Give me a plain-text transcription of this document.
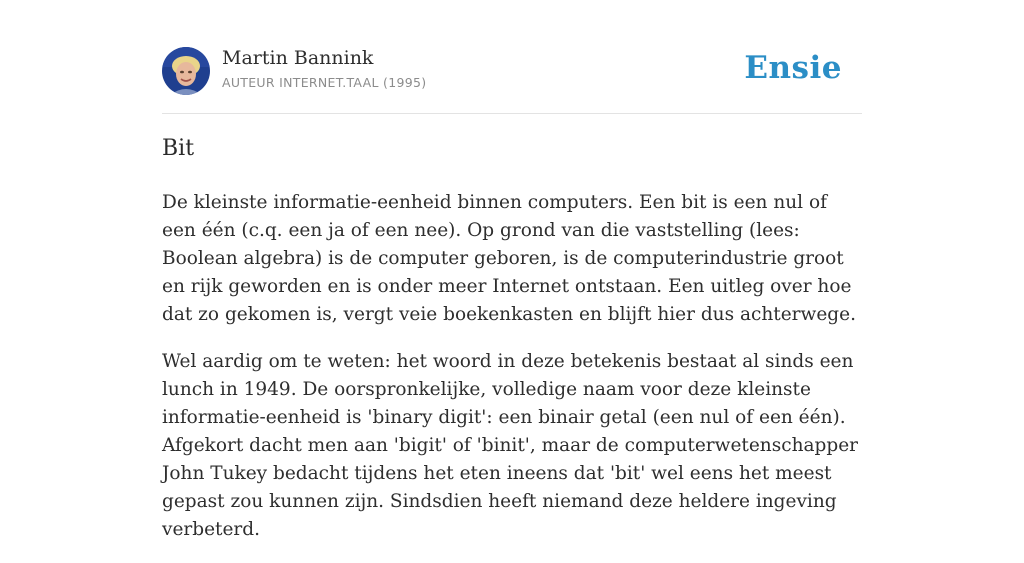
Martin Bannink
AUTEUR INTERNET.TAAL (1995)	Ensie
Bit

De kleinste informatie-eenheid binnen computers. Een bit is een nul of een één (c.q. een ja of een nee). Op grond van die vaststelling (lees: Boolean algebra) is de computer geboren, is de computerindustrie groot en rijk geworden en is onder meer Internet ontstaan. Een uitleg over hoe dat zo gekomen is, vergt veie boekenkasten en blijft hier dus achterwege.

Wel aardig om te weten: het woord in deze betekenis bestaat al sinds een lunch in 1949. De oorspronkelijke, volledige naam voor deze kleinste informatie-eenheid is 'binary digit': een binair getal (een nul of een één). Afgekort dacht men aan 'bigit' of 'binit', maar de computerwetenschapper John Tukey bedacht tijdens het eten ineens dat 'bit' wel eens het meest gepast zou kunnen zijn. Sindsdien heeft niemand deze heldere ingeving verbeterd.
